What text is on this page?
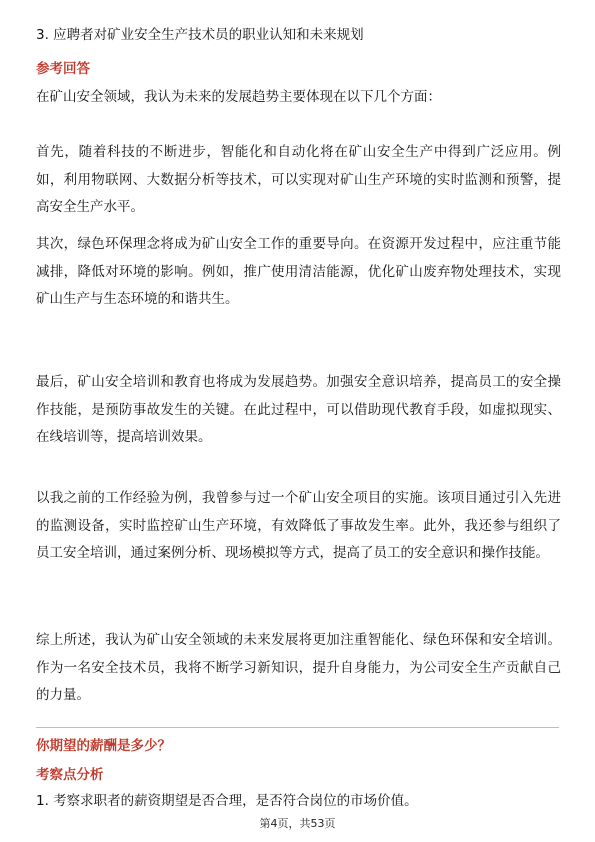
3. 应聘者对矿业安全生产技术员的职业认知和未来规划
参考回答

在矿山安全领域，我认为未来的发展趋势主要体现在以下几个方面：

首先，随着科技的不断进步，智能化和自动化将在矿山安全生产中得到广泛应用。例如，利用物联网、大数据分析等技术，可以实现对矿山生产环境的实时监测和预警，提高安全生产水平。

其次，绿色环保理念将成为矿山安全工作的重要导向。在资源开发过程中，应注重节能减排，降低对环境的影响。例如，推广使用清洁能源，优化矿山废弃物处理技术，实现矿山生产与生态环境的和谐共生。

最后，矿山安全培训和教育也将成为发展趋势。加强安全意识培养，提高员工的安全操作技能，是预防事故发生的关键。在此过程中，可以借助现代教育手段，如虚拟现实、在线培训等，提高培训效果。

以我之前的工作经验为例，我曾参与过一个矿山安全项目的实施。该项目通过引入先进的监测设备，实时监控矿山生产环境，有效降低了事故发生率。此外，我还参与组织了员工安全培训，通过案例分析、现场模拟等方式，提高了员工的安全意识和操作技能。

综上所述，我认为矿山安全领域的未来发展将更加注重智能化、绿色环保和安全培训。作为一名安全技术员，我将不断学习新知识，提升自身能力，为公司安全生产贡献自己的力量。

你期望的薪酬是多少？
考察点分析
1. 考察求职者的薪资期望是否合理，是否符合岗位的市场价值。
第4页，共53页
